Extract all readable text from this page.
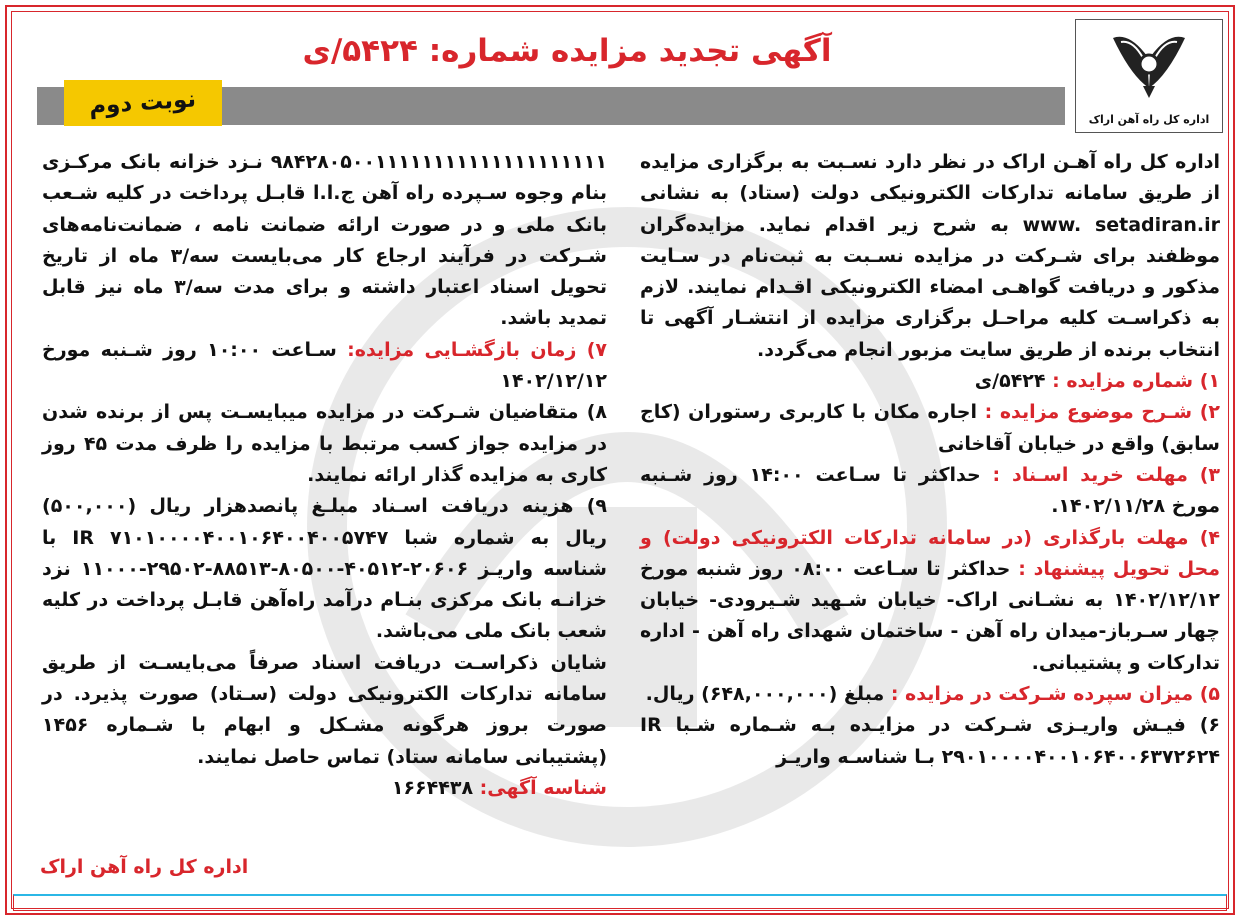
اداره کل راه آهن اراک
آگهی تجدید مزایده شماره: ۵۴۲۴/ی
نوبت دوم

اداره کل راه آهـن اراک در نظر دارد نسـبت به برگزاری مزایده از طریق سامانه تدارکات الکترونیکی دولت (ستاد) به نشانی www. setadiran.ir به شرح زیر اقدام نماید. مزایده‌گران موظفند برای شـرکت در مزایده نسـبت به ثبت‌نام در سـایت مذکور و دریافت گواهـی امضاء الکترونیکی اقـدام نمایند. لازم به ذکراسـت کلیه مراحـل برگزاری مزایده از انتشـار آگهی تا انتخاب برنده از طریق سایت مزبور انجام می‌گردد.

۱) شماره مزایده : ۵۴۲۴/ی

۲) شـرح موضوع مزایده : اجاره مکان با کاربری رستوران (کاج سابق) واقع در خیابان آقاخانی

۳) مهلت خرید اسـناد : حداکثر تا سـاعت ۱۴:۰۰ روز شـنبه مورخ ۱۴۰۲/۱۱/۲۸.

۴) مهلت بارگذاری (در سامانه تدارکات الکترونیکی دولت) و محل تحویل پیشنهاد : حداکثر تا سـاعت ۰۸:۰۰ روز شنبه مورخ ۱۴۰۲/۱۲/۱۲ به نشـانی اراک- خیابان شـهید شـیرودی- خیابان چهار سـرباز-میدان راه آهن - ساختمان شهدای راه آهن - اداره تدارکات و پشتیبانی.

۵) میزان سپرده شـرکت در مزایده : مبلغ (۶۴۸,۰۰۰,۰۰۰) ریال.

۶) فیـش واریـزی شـرکت در مزایـده بـه شـماره شـبا IR ۲۹۰۱۰۰۰۰۴۰۰۱۰۶۴۰۰۶۳۷۲۶۲۴ بـا شناسـه واریـز

۹۸۴۲۸۰۵۰۰۱۱۱۱۱۱۱۱۱۱۱۱۱۱۱۱۱۱۱۱ نـزد خزانه بانک مرکـزی بنام وجوه سـپرده راه آهن ج.ا.ا قابـل پرداخت در کلیه شـعب بانک ملی و در صورت ارائه ضمانت نامه ، ضمانت‌نامه‌های شـرکت در فرآیند ارجاع کار می‌بایست سه/۳ ماه از تاریخ تحویل اسناد اعتبار داشته و برای مدت سه/۳ ماه نیز قابل تمدید باشد.

۷) زمان بازگشـایی مزایده: سـاعت ۱۰:۰۰ روز شـنبه مورخ ۱۴۰۲/۱۲/۱۲

۸) متقاضیان شـرکت در مزایده میبایسـت پس از برنده شدن در مزایده جواز کسب مرتبط با مزایده را ظرف مدت ۴۵ روز کاری به مزایده گذار ارائه نمایند.

۹) هزینه دریافت اسـناد مبلـغ پانصدهزار ریال (۵۰۰,۰۰۰) ریال به شماره شبا IR ۷۱۰۱۰۰۰۰۴۰۰۱۰۶۴۰۰۴۰۰۵۷۴۷ با شناسه واریـز ۲۰۶۰۶-۴۰۵۱۲-۸۰۵۰۰-۸۸۵۱۳-۲۹۵۰۲-۱۱۰۰۰ نزد خزانـه بانک مرکزی بنـام درآمد راه‌آهن قابـل پرداخت در کلیه شعب بانک ملی می‌باشد.

شایان ذکراسـت دریافت اسناد صرفاً می‌بایسـت از طریق سامانه تدارکات الکترونیکی دولت (سـتاد) صورت پذیرد. در صورت بروز هرگونه مشـکل و ابهام با شـماره ۱۴۵۶ (پشتیبانی سامانه ستاد) تماس حاصل نمایند.

شناسه آگهی: ۱۶۶۴۴۳۸

اداره کل راه آهن اراک
